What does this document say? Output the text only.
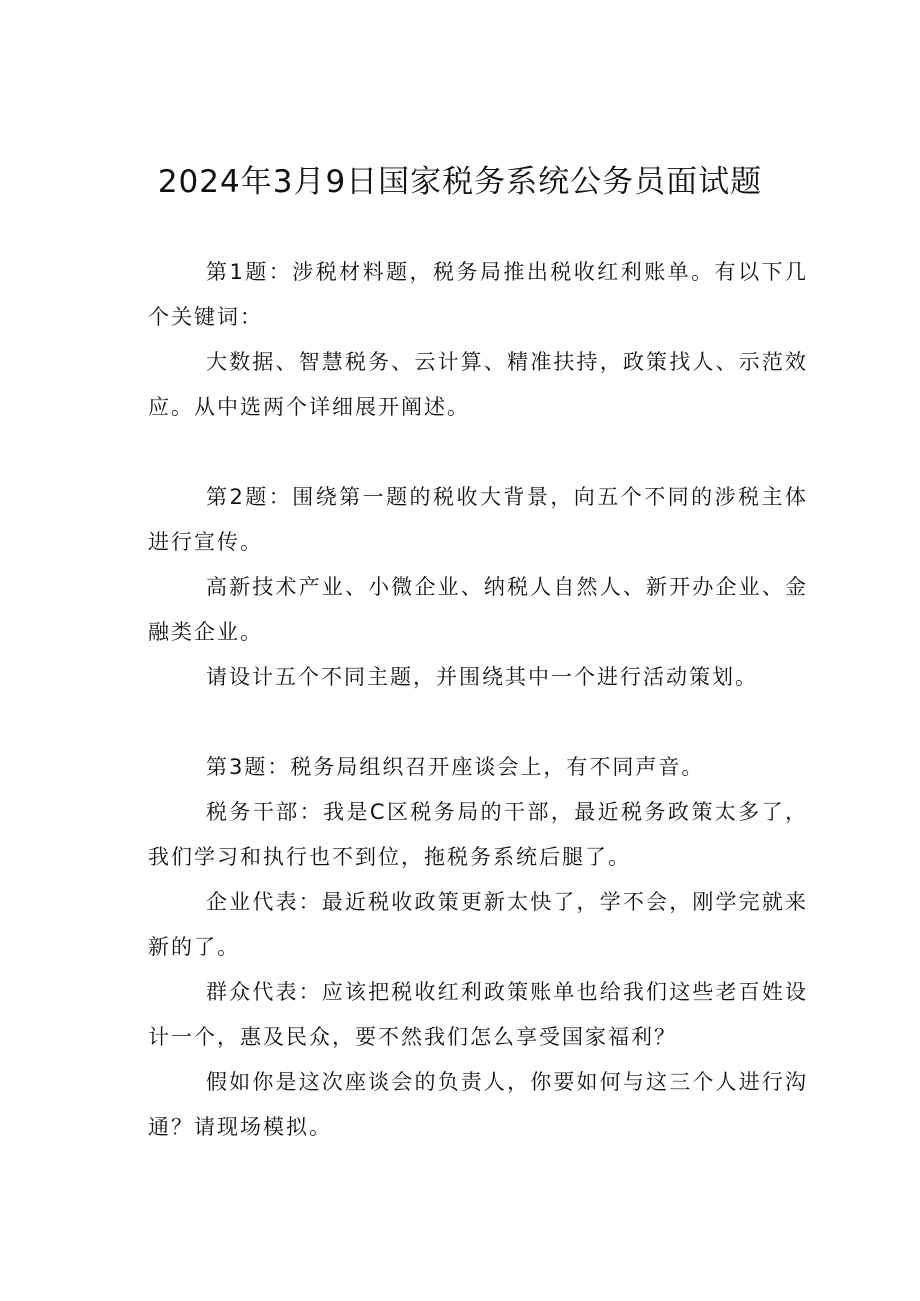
2024年3月9日国家税务系统公务员面试题

第1题：涉税材料题，税务局推出税收红利账单。有以下几个关键词：

大数据、智慧税务、云计算、精准扶持，政策找人、示范效应。从中选两个详细展开阐述。

第2题：围绕第一题的税收大背景，向五个不同的涉税主体进行宣传。

高新技术产业、小微企业、纳税人自然人、新开办企业、金融类企业。

请设计五个不同主题，并围绕其中一个进行活动策划。

第3题：税务局组织召开座谈会上，有不同声音。

税务干部：我是C区税务局的干部，最近税务政策太多了，我们学习和执行也不到位，拖税务系统后腿了。

企业代表：最近税收政策更新太快了，学不会，刚学完就来新的了。

群众代表：应该把税收红利政策账单也给我们这些老百姓设计一个，惠及民众，要不然我们怎么享受国家福利？

假如你是这次座谈会的负责人，你要如何与这三个人进行沟通？请现场模拟。
